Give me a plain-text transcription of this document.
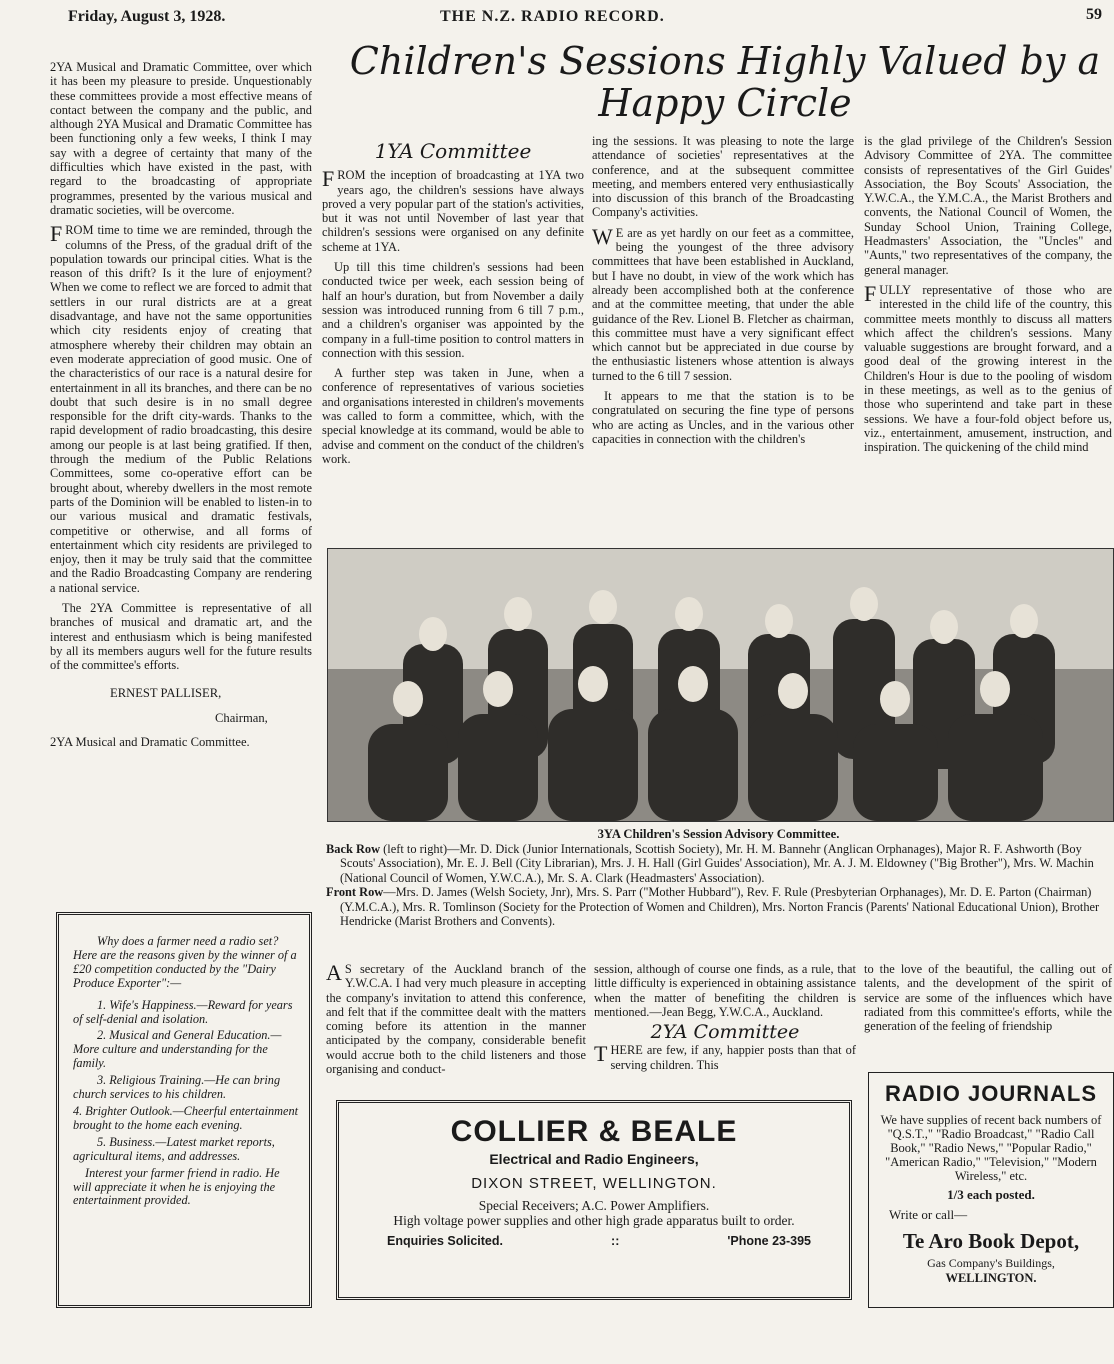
Friday, August 3, 1928.	THE N.Z. RADIO RECORD.	59

2YA Musical and Dramatic Committee, over which it has been my pleasure to preside. Unquestionably these committees provide a most effective means of contact between the company and the public, and although 2YA Musical and Dramatic Committee has been functioning only a few weeks, I think I may say with a degree of certainty that many of the difficulties which have existed in the past, with regard to the broadcasting of appropriate programmes, presented by the various musical and dramatic societies, will be overcome.

FROM time to time we are reminded, through the columns of the Press, of the gradual drift of the population towards our principal cities. What is the reason of this drift? Is it the lure of enjoyment? When we come to reflect we are forced to admit that settlers in our rural districts are at a great disadvantage, and have not the same opportunities which city residents enjoy of creating that atmosphere whereby their children may obtain an even moderate appreciation of good music. One of the characteristics of our race is a natural desire for entertainment in all its branches, and there can be no doubt that such desire is in no small degree responsible for the drift city-wards. Thanks to the rapid development of radio broadcasting, this desire among our people is at last being gratified. If then, through the medium of the Public Relations Committees, some co-operative effort can be brought about, whereby dwellers in the most remote parts of the Dominion will be enabled to listen-in to our various musical and dramatic festivals, competitive or otherwise, and all forms of entertainment which city residents are privileged to enjoy, then it may be truly said that the committee and the Radio Broadcasting Company are rendering a national service.

The 2YA Committee is representative of all branches of musical and dramatic art, and the interest and enthusiasm which is being manifested by all its members augurs well for the future results of the committee's efforts.

ERNEST PALLISER,
Chairman,
2YA Musical and Dramatic Committee.

Why does a farmer need a radio set? Here are the reasons given by the winner of a £20 competition conducted by the "Dairy Produce Exporter":—

1. Wife's Happiness.—Reward for years of self-denial and isolation.

2. Musical and General Education.—More culture and understanding for the family.

3. Religious Training.—He can bring church services to his children.

4. Brighter Outlook.—Cheerful entertainment brought to the home each evening.

5. Business.—Latest market reports, agricultural items, and addresses.

Interest your farmer friend in radio. He will appreciate it when he is enjoying the entertainment provided.

Children's Sessions Highly Valued by a Happy Circle
1YA Committee

FROM the inception of broadcasting at 1YA two years ago, the children's sessions have always proved a very popular part of the station's activities, but it was not until November of last year that children's sessions were organised on any definite scheme at 1YA.

Up till this time children's sessions had been conducted twice per week, each session being of half an hour's duration, but from November a daily session was introduced running from 6 till 7 p.m., and a children's organiser was appointed by the company in a full-time position to control matters in connection with this session.

A further step was taken in June, when a conference of representatives of various societies and organisations interested in children's movements was called to form a committee, which, with the special knowledge at its command, would be able to advise and comment on the conduct of the children's work.

ing the sessions. It was pleasing to note the large attendance of societies' representatives at the conference, and at the subsequent committee meeting, and members entered very enthusiastically into discussion of this branch of the Broadcasting Company's activities.

W E are as yet hardly on our feet as a committee, being the youngest of the three advisory committees that have been established in Auckland, but I have no doubt, in view of the work which has already been accomplished both at the conference and at the committee meeting, that under the able guidance of the Rev. Lionel B. Fletcher as chairman, this committee must have a very significant effect which cannot but be appreciated in due course by the enthusiastic listeners whose attention is always turned to the 6 till 7 session.

It appears to me that the station is to be congratulated on securing the fine type of persons who are acting as Uncles, and in the various other capacities in connection with the children's

is the glad privilege of the Children's Session Advisory Committee of 2YA. The committee consists of representatives of the Girl Guides' Association, the Boy Scouts' Association, the Y.W.C.A., the Y.M.C.A., the Marist Brothers and convents, the National Council of Women, the Sunday School Union, Training College, Headmasters' Association, the "Uncles" and "Aunts," two representatives of the company, the general manager.

FULLY representative of those who are interested in the child life of the country, this committee meets monthly to discuss all matters which affect the children's sessions. Many valuable suggestions are brought forward, and a good deal of the growing interest in the Children's Hour is due to the pooling of wisdom in these meetings, as well as to the genius of those who superintend and take part in these sessions. We have a four-fold object before us, viz., entertainment, amusement, instruction, and inspiration. The quickening of the child mind

3YA Children's Session Advisory Committee.
Back Row (left to right)—Mr. D. Dick (Junior Internationals, Scottish Society), Mr. H. M. Bannehr (Anglican Orphanages), Major R. F. Ashworth (Boy Scouts' Association), Mr. E. J. Bell (City Librarian), Mrs. J. H. Hall (Girl Guides' Association), Mr. A. J. M. Eldowney ("Big Brother"), Mrs. W. Machin (National Council of Women, Y.W.C.A.), Mr. S. A. Clark (Headmasters' Association).
Front Row—Mrs. D. James (Welsh Society, Jnr), Mrs. S. Parr ("Mother Hubbard"), Rev. F. Rule (Presbyterian Orphanages), Mr. D. E. Parton (Chairman) (Y.M.C.A.), Mrs. R. Tomlinson (Society for the Protection of Women and Children), Mrs. Norton Francis (Parents' National Educational Union), Brother Hendricke (Marist Brothers and Convents).

A S secretary of the Auckland branch of the Y.W.C.A. I had very much pleasure in accepting the company's invitation to attend this conference, and felt that if the committee dealt with the matters coming before its attention in the manner anticipated by the company, considerable benefit would accrue both to the child listeners and those organising and conduct-

session, although of course one finds, as a rule, that little difficulty is experienced in obtaining assistance when the matter of benefiting the children is mentioned.—Jean Begg, Y.W.C.A., Auckland.

2YA Committee

THERE are few, if any, happier posts than that of serving children. This

to the love of the beautiful, the calling out of talents, and the development of the spirit of service are some of the influences which have radiated from this committee's efforts, while the generation of the feeling of friendship

COLLIER & BEALE
Electrical and Radio Engineers,
DIXON STREET, WELLINGTON.
Special Receivers; A.C. Power Amplifiers.
High voltage power supplies and other high grade apparatus built to order.
Enquiries Solicited.	::	'Phone 23-395
RADIO JOURNALS
We have supplies of recent back numbers of "Q.S.T.," "Radio Broadcast," "Radio Call Book," "Radio News," "Popular Radio," "American Radio," "Television," "Modern Wireless," etc.
1/3 each posted.
Write or call—
Te Aro Book Depot,
Gas Company's Buildings,
WELLINGTON.
